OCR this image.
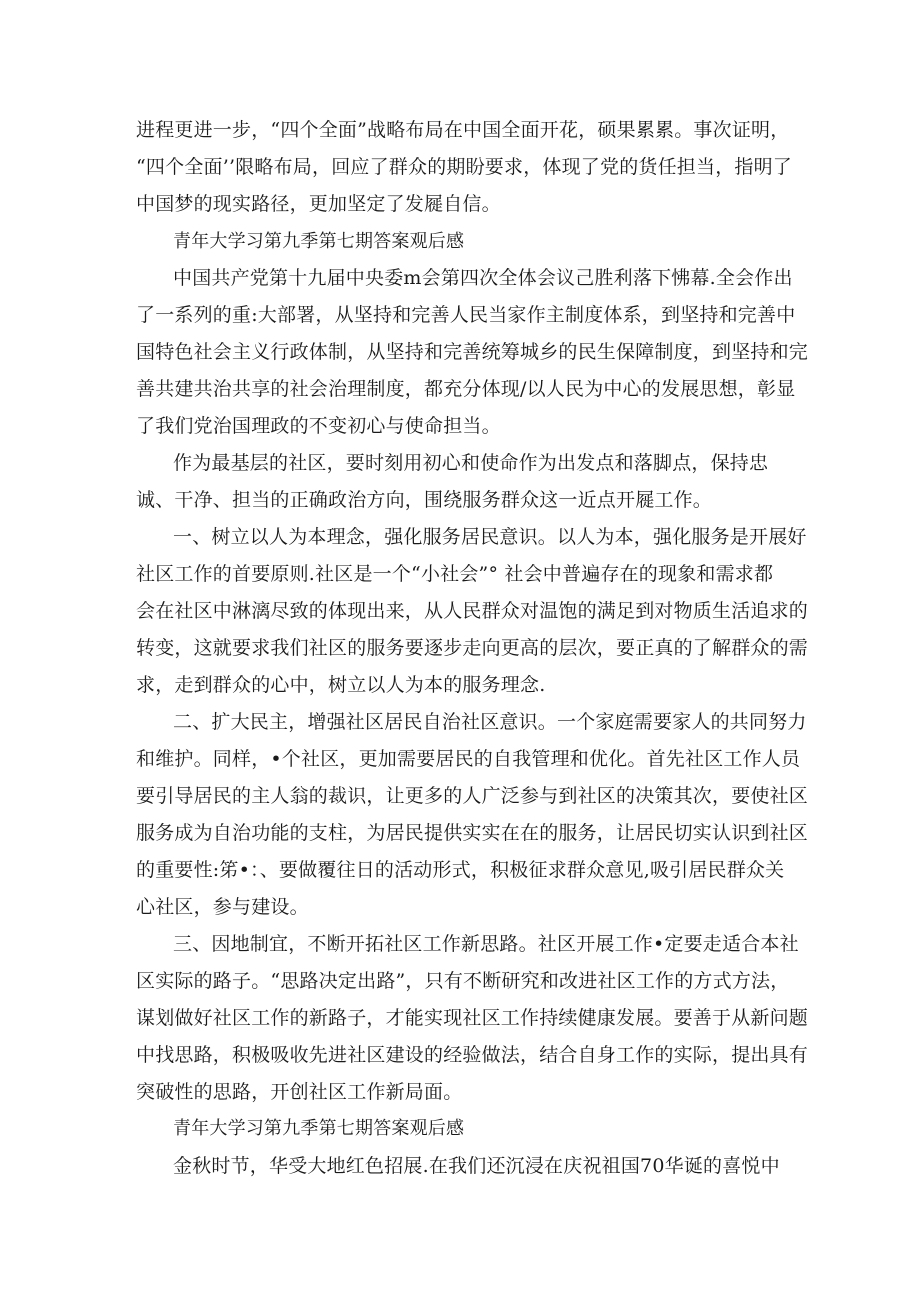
进程更进一步，“四个全面”战略布局在中国全面开花，硕果累累。事次证明，
“四个全面’’限略布局，回应了群众的期盼要求，体现了党的货任担当，指明了
中国梦的现实路径，更加坚定了发屣自信。
青年大学习第九季第七期答案观后感
中国共产党第十九届中央委m会第四次全体会议己胜利落下怫幕.全会作出
了一系列的重:大部署，从坚持和完善人民当家作主制度体系，到坚持和完善中
国特色社会主义行政体制，从坚持和完善统筹城乡的民生保障制度，到坚持和完
善共建共治共享的社会治理制度，都充分体现/以人民为中心的发展思想，彰显
了我们党治国理政的不变初心与使命担当。
作为最基层的社区，要时刻用初心和使命作为出发点和落脚点，保持忠
诚、干净、担当的正确政治方向，围绕服务群众这一近点开屣工作。
一、树立以人为本理念，强化服务居民意识。以人为本，强化服务是开展好
社区工作的首要原则.社区是一个“小社会”° 社会中普遍存在的现象和需求都
会在社区中淋漓尽致的体现出来，从人民群众对温饱的满足到对物质生活追求的
转变，这就要求我们社区的服务要逐步走向更高的层次，要正真的了解群众的需
求，走到群众的心中，树立以人为本的服务理念.
二、扩大民主，增强社区居民自治社区意识。一个家庭需要家人的共同努力
和维护。同样，•个社区，更加需要居民的自我管理和优化。首先社区工作人员
要引导居民的主人翁的裁识，让更多的人广泛参与到社区的决策其次，要使社区
服务成为自治功能的支柱，为居民提供实实在在的服务，让居民切实认识到社区
的重要性:笫•：、要做覆往日的活动形式，积极征求群众意见,吸引居民群众关
心社区，参与建设。
三、因地制宜，不断开拓社区工作新思路。社区开展工作•定要走适合本社
区实际的路子。“思路决定出路”，只有不断研究和改进社区工作的方式方法，
谋划做好社区工作的新路子，才能实现社区工作持续健康发展。要善于从新问题
中找思路，积极吸收先进社区建设的经验做法，结合自身工作的实际，提出具有
突破性的思路，开创社区工作新局面。
青年大学习第九季第七期答案观后感
金秋时节，华受大地红色招展.在我们还沉浸在庆祝祖国70华诞的喜悦中
